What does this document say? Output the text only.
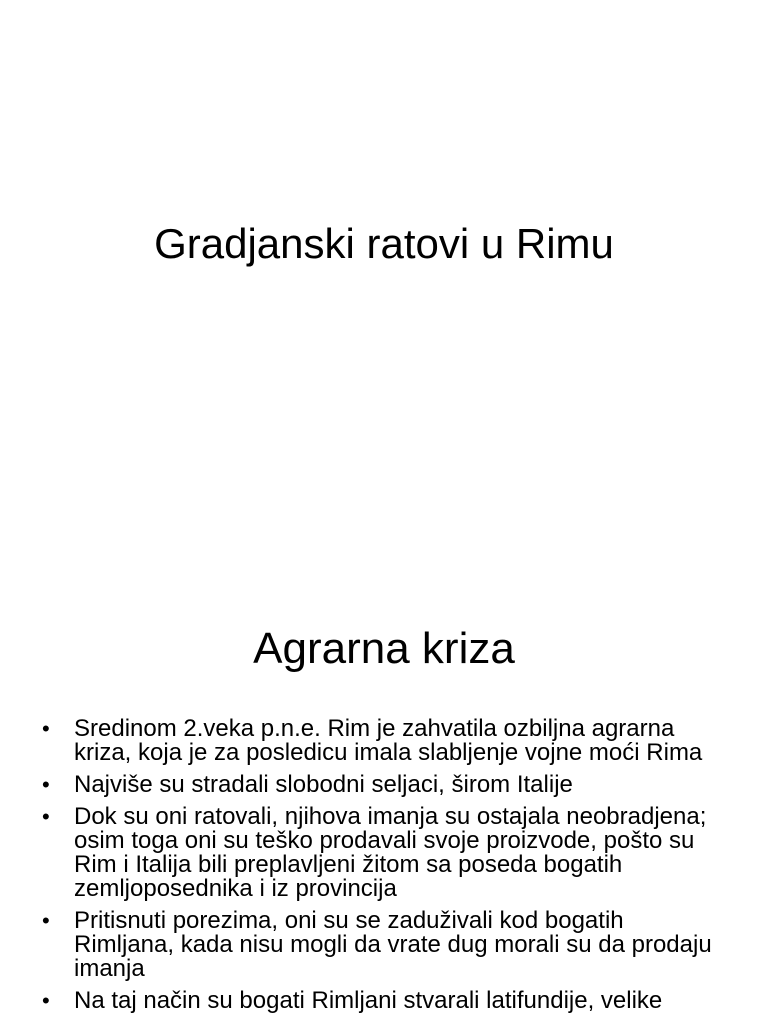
Gradjanski ratovi u Rimu
Agrarna kriza
• Sredinom 2.veka p.n.e. Rim je zahvatila ozbiljna agrarna kriza, koja je za posledicu imala slabljenje vojne moći Rima
• Najviše su stradali slobodni seljaci, širom Italije
• Dok su oni ratovali, njihova imanja su ostajala neobradjena; osim toga oni su teško prodavali svoje proizvode, pošto su Rim i Italija bili preplavljeni žitom sa poseda bogatih zemljoposednika i iz provincija
• Pritisnuti porezima, oni su se zaduživali kod bogatih Rimljana, kada nisu mogli da vrate dug morali su da prodaju imanja
• Na taj način su bogati Rimljani stvarali latifundije, velike
